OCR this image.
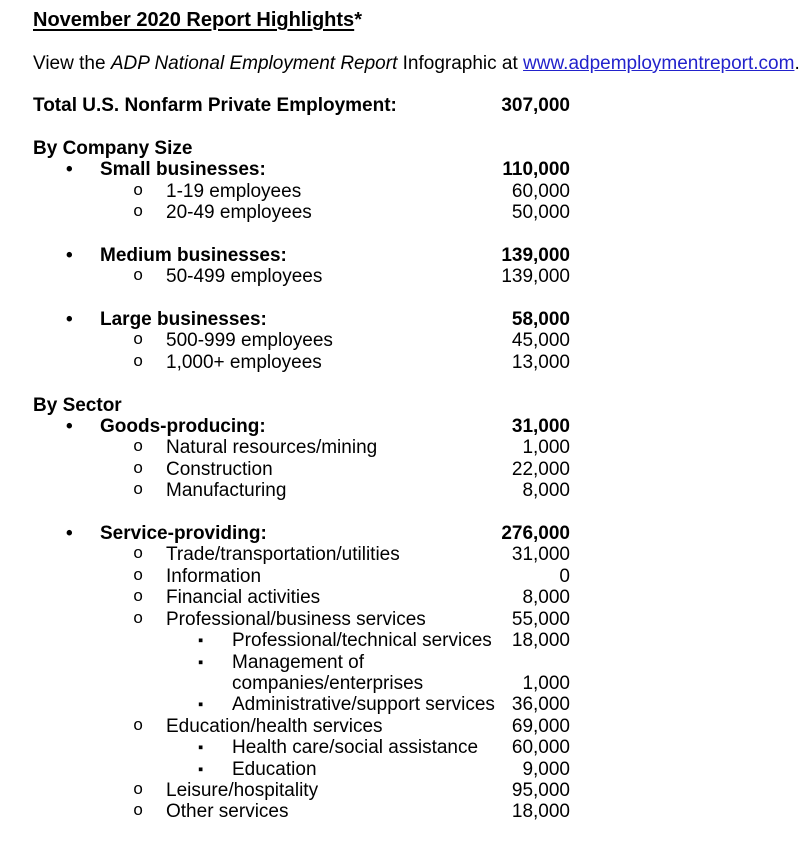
November 2020 Report Highlights*
View the ADP National Employment Report Infographic at www.adpemploymentreport.com.
Total U.S. Nonfarm Private Employment:	307,000
By Company Size
•	Small businesses:	110,000
o	1-19 employees	60,000
o	20-49 employees	50,000
•	Medium businesses:	139,000
o	50-499 employees	139,000
•	Large businesses:	58,000
o	500-999 employees	45,000
o	1,000+ employees	13,000
By Sector
•	Goods-producing:	31,000
o	Natural resources/mining	1,000
o	Construction	22,000
o	Manufacturing	8,000
•	Service-providing:	276,000
o	Trade/transportation/utilities	31,000
o	Information	0
o	Financial activities	8,000
o	Professional/business services	55,000
▪	Professional/technical services	18,000
▪	Management of companies/enterprises	1,000
▪	Administrative/support services 36,000
o	Education/health services	69,000
▪	Health care/social assistance	60,000
▪	Education	9,000
o	Leisure/hospitality	95,000
o	Other services	18,000
